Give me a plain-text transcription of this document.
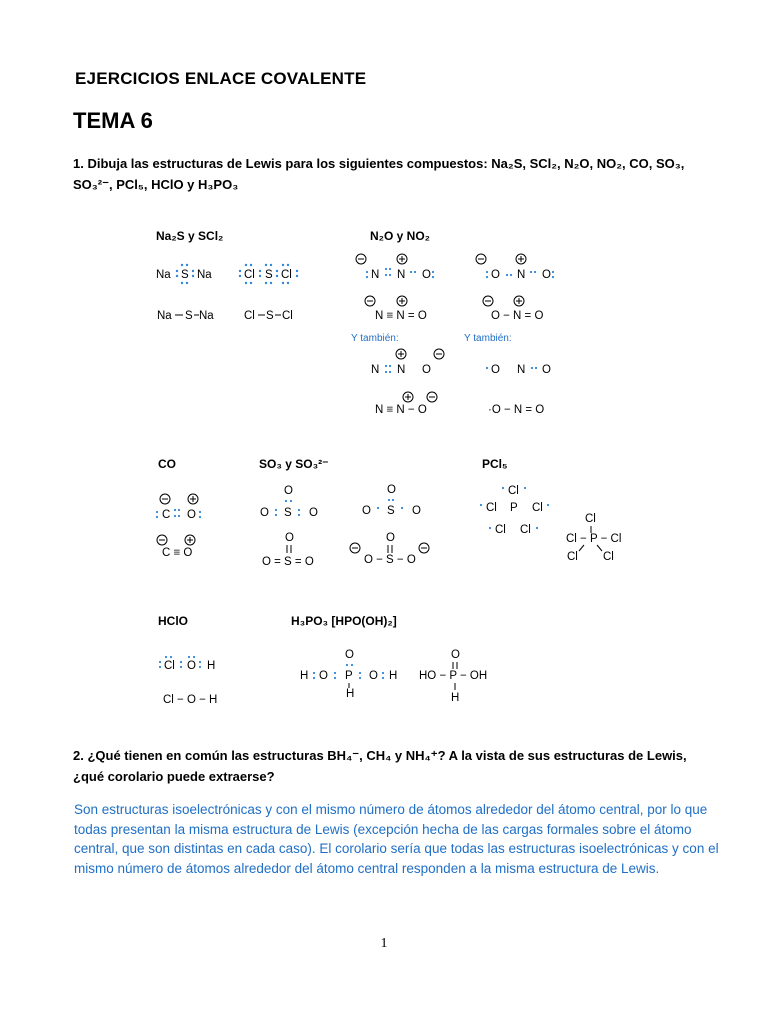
EJERCICIOS ENLACE COVALENTE
TEMA 6
1. Dibuja las estructuras de Lewis para los siguientes compuestos: Na₂S, SCl₂, N₂O, NO₂, CO, SO₃,
SO₃²⁻, PCl₅, HClO y H₃PO₃
Na₂S y SCl₂	N₂O y NO₂
CO	SO₃ y SO₃²⁻	PCl₅
HClO	H₃PO₃ [HPO(OH)₂]
Na S Na	Cl S Cl
Na S Na	Cl S Cl
N N O	O N O
N ≡ N = O	O − N = O
Y también:	Y también:
N N O	O N O
N ≡ N − O	·O − N = O
C O
C ≡ O
O
O S O
O
O = S = O
O
O S O
O
O − S − O
Cl
Cl P Cl
Cl Cl
Cl
Cl − P − Cl
Cl Cl
Cl O H
Cl − O − H
O
H O P O H
H
O
HO − P − OH
H
2. ¿Qué tienen en común las estructuras BH₄⁻, CH₄ y NH₄⁺? A la vista de sus estructuras de Lewis,
¿qué corolario puede extraerse?
Son estructuras isoelectrónicas y con el mismo número de átomos alrededor del átomo central, por lo que todas presentan la misma estructura de Lewis (excepción hecha de las cargas formales sobre el átomo central, que son distintas en cada caso). El corolario sería que todas las estructuras isoelectrónicas y con el mismo número de átomos alrededor del átomo central responden a la misma estructura de Lewis.
1
